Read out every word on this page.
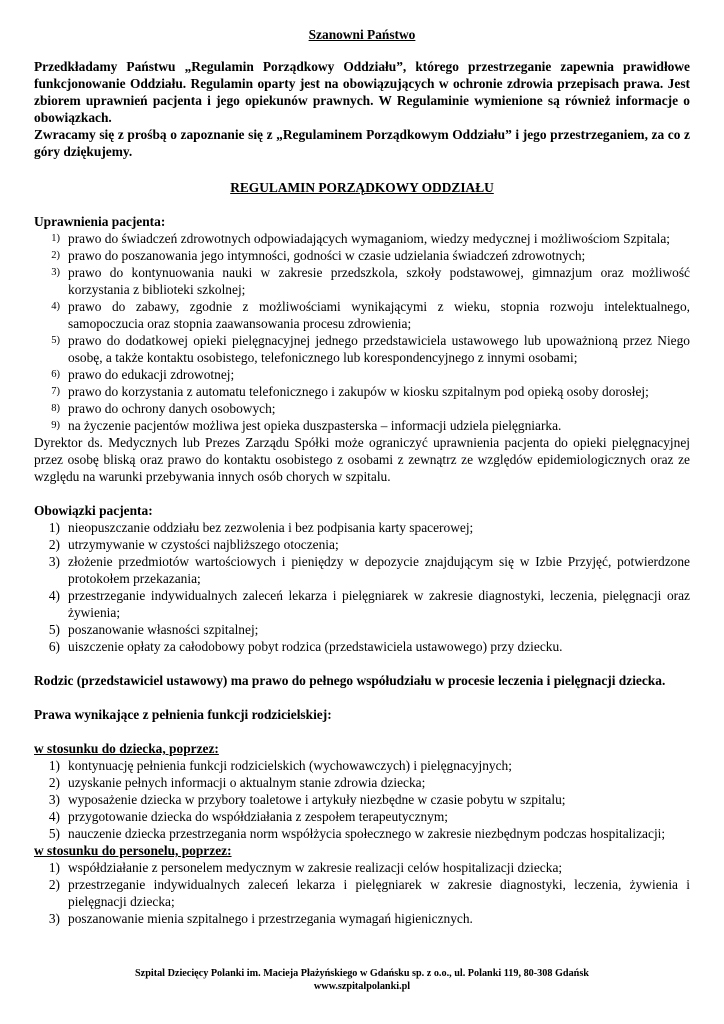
Szanowni Państwo

Przedkładamy Państwu „Regulamin Porządkowy Oddziału”, którego przestrzeganie zapewnia prawidłowe funkcjonowanie Oddziału. Regulamin oparty jest na obowiązujących w ochronie zdrowia przepisach prawa. Jest zbiorem uprawnień pacjenta i jego opiekunów prawnych. W Regulaminie wymienione są również informacje o obowiązkach.

Zwracamy się z prośbą o zapoznanie się z „Regulaminem Porządkowym Oddziału” i jego przestrzeganiem, za co z góry dziękujemy.

REGULAMIN PORZĄDKOWY ODDZIAŁU
Uprawnienia pacjenta:
1) prawo do świadczeń zdrowotnych odpowiadających wymaganiom, wiedzy medycznej i możliwościom Szpitala;
2) prawo do poszanowania jego intymności, godności w czasie udzielania świadczeń zdrowotnych;
3) prawo do kontynuowania nauki w zakresie przedszkola, szkoły podstawowej, gimnazjum oraz możliwość korzystania z biblioteki szkolnej;
4) prawo do zabawy, zgodnie z możliwościami wynikającymi z wieku, stopnia rozwoju intelektualnego, samopoczucia oraz stopnia zaawansowania procesu zdrowienia;
5) prawo do dodatkowej opieki pielęgnacyjnej jednego przedstawiciela ustawowego lub upoważnioną przez Niego osobę, a także kontaktu osobistego, telefonicznego lub korespondencyjnego z innymi osobami;
6) prawo do edukacji zdrowotnej;
7) prawo do korzystania z automatu telefonicznego i zakupów w kiosku szpitalnym pod opieką osoby dorosłej;
8) prawo do ochrony danych osobowych;
9) na życzenie pacjentów możliwa jest opieka duszpasterska – informacji udziela pielęgniarka.
Dyrektor ds. Medycznych lub Prezes Zarządu Spółki może ograniczyć uprawnienia pacjenta do opieki pielęgnacyjnej przez osobę bliską oraz prawo do kontaktu osobistego z osobami z zewnątrz ze względów epidemiologicznych oraz ze względu na warunki przebywania innych osób chorych w szpitalu.
Obowiązki pacjenta:
1) nieopuszczanie oddziału bez zezwolenia i bez podpisania karty spacerowej;
2) utrzymywanie w czystości najbliższego otoczenia;
3) złożenie przedmiotów wartościowych i pieniędzy w depozycie znajdującym się w Izbie Przyjęć, potwierdzone protokołem przekazania;
4) przestrzeganie indywidualnych zaleceń lekarza i pielęgniarek w zakresie diagnostyki, leczenia, pielęgnacji oraz żywienia;
5) poszanowanie własności szpitalnej;
6) uiszczenie opłaty za całodobowy pobyt rodzica (przedstawiciela ustawowego) przy dziecku.
Rodzic (przedstawiciel ustawowy) ma prawo do pełnego współudziału w procesie leczenia i pielęgnacji dziecka.
Prawa wynikające z pełnienia funkcji rodzicielskiej:
w stosunku do dziecka, poprzez:
1) kontynuację pełnienia funkcji rodzicielskich (wychowawczych) i pielęgnacyjnych;
2) uzyskanie pełnych informacji o aktualnym stanie zdrowia dziecka;
3) wyposażenie dziecka w przybory toaletowe i artykuły niezbędne w czasie pobytu w szpitalu;
4) przygotowanie dziecka do współdziałania z zespołem terapeutycznym;
5) nauczenie dziecka przestrzegania norm współżycia społecznego w zakresie niezbędnym podczas hospitalizacji;
w stosunku do personelu, poprzez:
1) współdziałanie z personelem medycznym w zakresie realizacji celów hospitalizacji dziecka;
2) przestrzeganie indywidualnych zaleceń lekarza i pielęgniarek w zakresie diagnostyki, leczenia, żywienia i pielęgnacji dziecka;
3) poszanowanie mienia szpitalnego i przestrzegania wymagań higienicznych.
Szpital Dziecięcy Polanki im. Macieja Płażyńskiego w Gdańsku sp. z o.o., ul. Polanki 119, 80-308 Gdańsk
www.szpitalpolanki.pl
